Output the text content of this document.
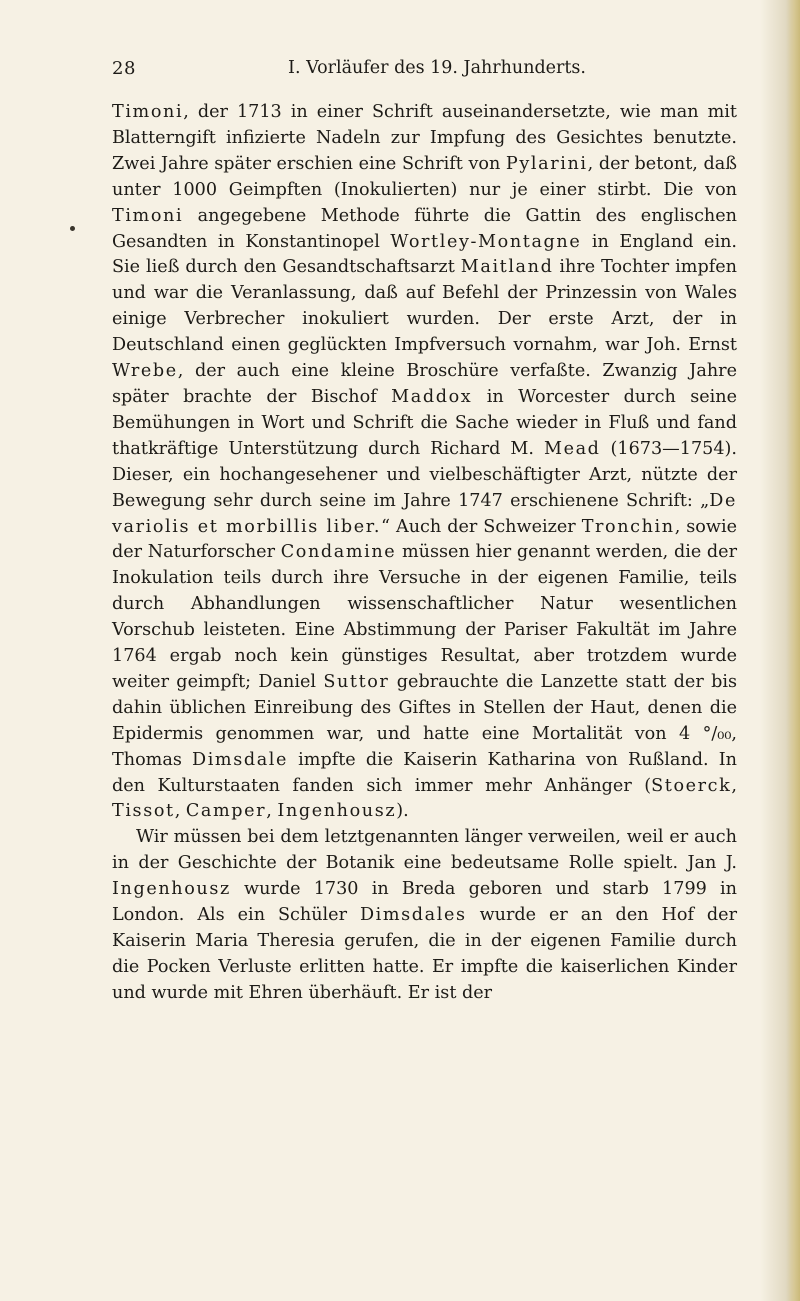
28	I. Vorläufer des 19. Jahrhunderts.

Timoni, der 1713 in einer Schrift auseinandersetzte, wie man mit Blatterngift infizierte Nadeln zur Impfung des Gesichtes benutzte. Zwei Jahre später erschien eine Schrift von Pylarini, der betont, daß unter 1000 Geimpften (Inokulierten) nur je einer stirbt. Die von Timoni angegebene Methode führte die Gattin des englischen Gesandten in Konstantinopel Wortley-Montagne in England ein. Sie ließ durch den Gesandtschaftsarzt Maitland ihre Tochter impfen und war die Veranlassung, daß auf Befehl der Prinzessin von Wales einige Verbrecher inokuliert wurden. Der erste Arzt, der in Deutschland einen geglückten Impfversuch vornahm, war Joh. Ernst Wrebe, der auch eine kleine Broschüre verfaßte. Zwanzig Jahre später brachte der Bischof Maddox in Worcester durch seine Bemühungen in Wort und Schrift die Sache wieder in Fluß und fand thatkräftige Unterstützung durch Richard M. Mead (1673—1754). Dieser, ein hochangesehener und vielbeschäftigter Arzt, nützte der Bewegung sehr durch seine im Jahre 1747 erschienene Schrift: „De variolis et morbillis liber.“ Auch der Schweizer Tronchin, sowie der Naturforscher Condamine müssen hier genannt werden, die der Inokulation teils durch ihre Versuche in der eigenen Familie, teils durch Abhandlungen wissenschaftlicher Natur wesentlichen Vorschub leisteten. Eine Abstimmung der Pariser Fakultät im Jahre 1764 ergab noch kein günstiges Resultat, aber trotzdem wurde weiter geimpft; Daniel Suttor gebrauchte die Lanzette statt der bis dahin üblichen Einreibung des Giftes in Stellen der Haut, denen die Epidermis genommen war, und hatte eine Mortalität von 4 °/₀₀, Thomas Dimsdale impfte die Kaiserin Katharina von Rußland. In den Kulturstaaten fanden sich immer mehr Anhänger (Stoerck, Tissot, Camper, Ingenhousz).

Wir müssen bei dem letztgenannten länger verweilen, weil er auch in der Geschichte der Botanik eine bedeutsame Rolle spielt. Jan J. Ingenhousz wurde 1730 in Breda geboren und starb 1799 in London. Als ein Schüler Dimsdales wurde er an den Hof der Kaiserin Maria Theresia gerufen, die in der eigenen Familie durch die Pocken Verluste erlitten hatte. Er impfte die kaiserlichen Kinder und wurde mit Ehren überhäuft. Er ist der
